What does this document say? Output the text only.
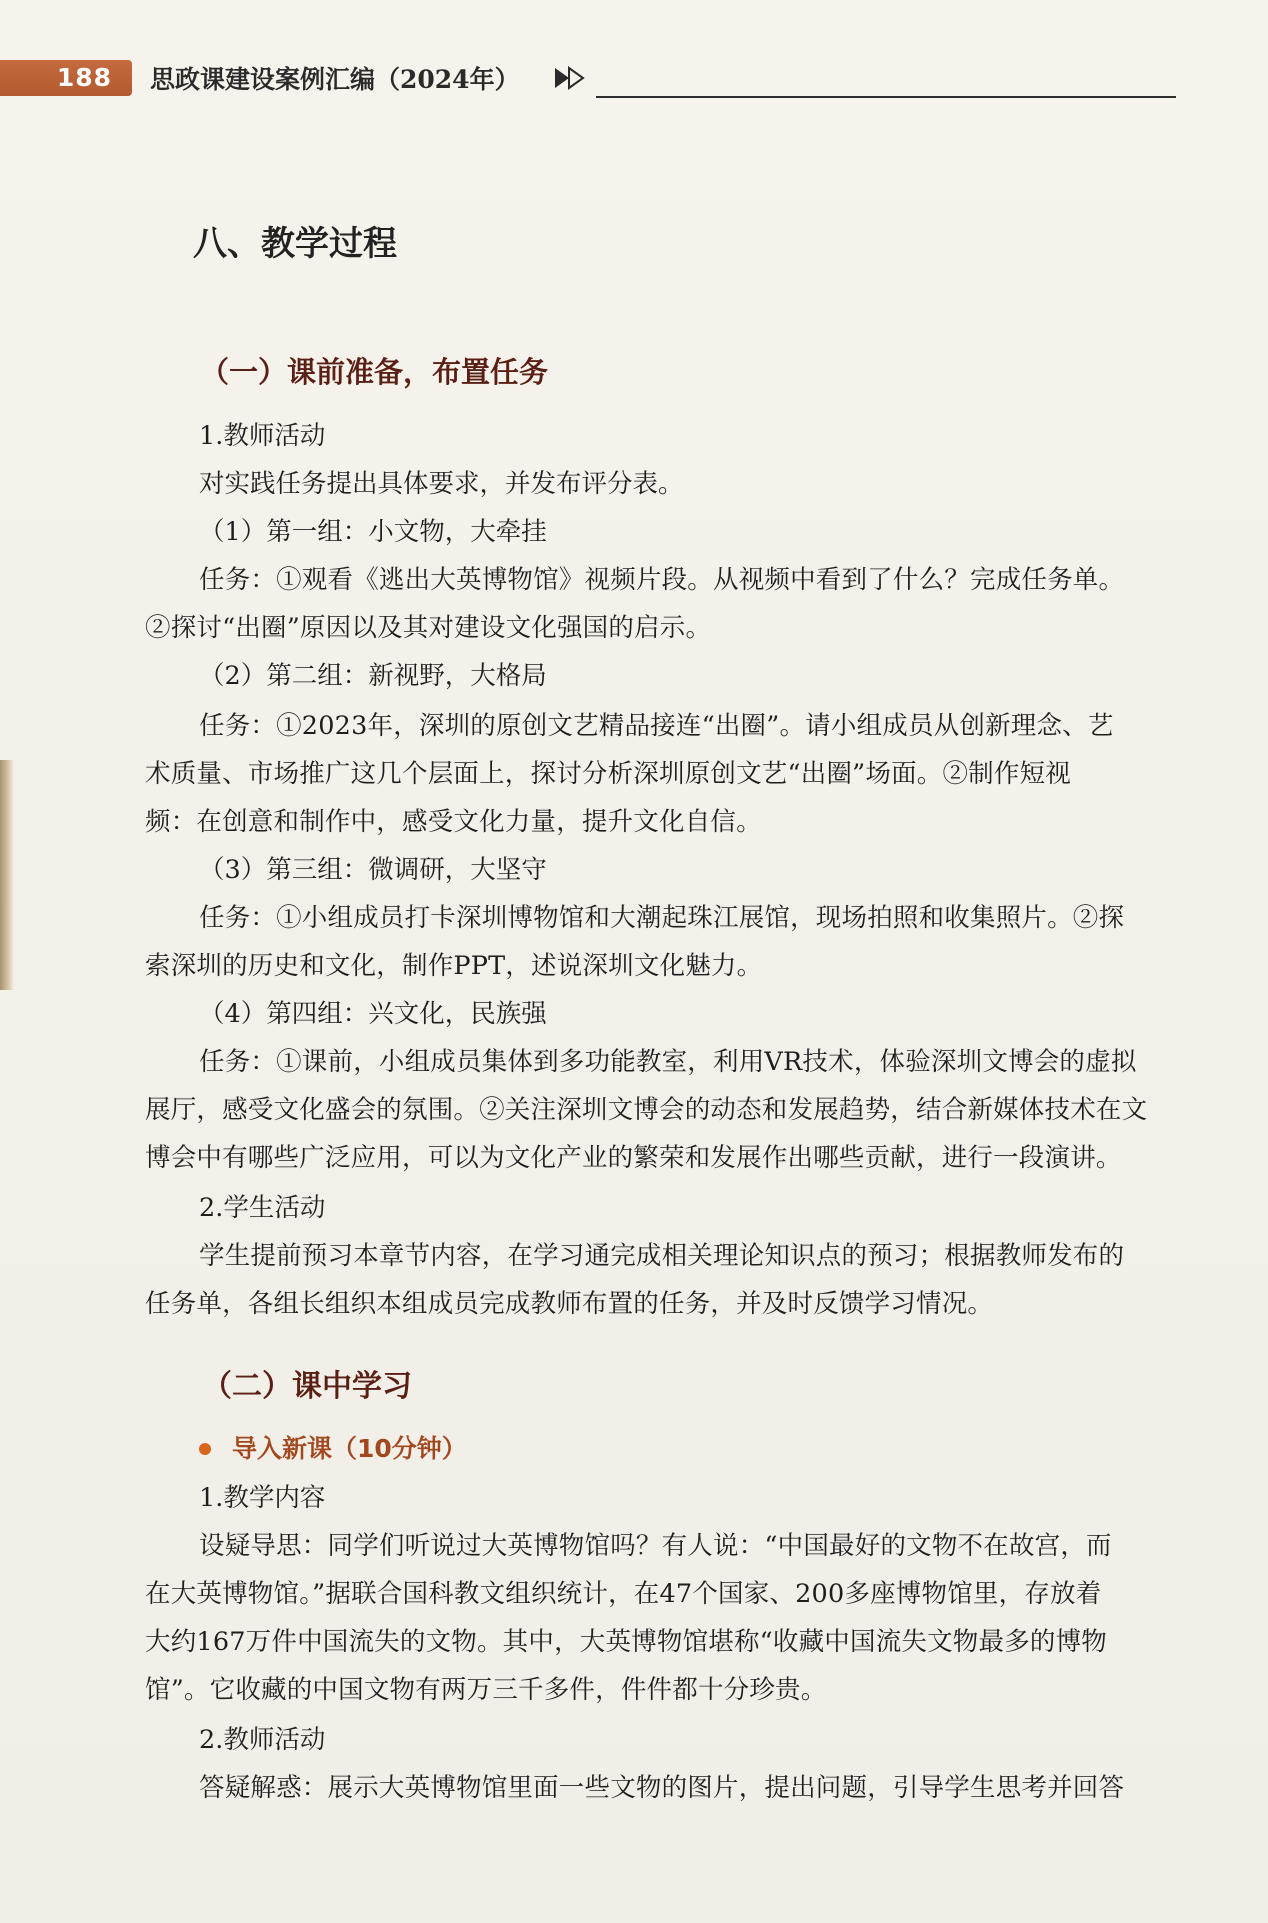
188 思政课建设案例汇编（2024年）
八、教学过程
（一）课前准备，布置任务
1.教师活动
对实践任务提出具体要求，并发布评分表。
（1）第一组：小文物，大牵挂
任务：①观看《逃出大英博物馆》视频片段。从视频中看到了什么？完成任务单。
②探讨“出圈”原因以及其对建设文化强国的启示。
（2）第二组：新视野，大格局
任务：①2023年，深圳的原创文艺精品接连“出圈”。请小组成员从创新理念、艺
术质量、市场推广这几个层面上，探讨分析深圳原创文艺“出圈”场面。②制作短视
频：在创意和制作中，感受文化力量，提升文化自信。
（3）第三组：微调研，大坚守
任务：①小组成员打卡深圳博物馆和大潮起珠江展馆，现场拍照和收集照片。②探
索深圳的历史和文化，制作PPT，述说深圳文化魅力。
（4）第四组：兴文化，民族强
任务：①课前，小组成员集体到多功能教室，利用VR技术，体验深圳文博会的虚拟
展厅，感受文化盛会的氛围。②关注深圳文博会的动态和发展趋势，结合新媒体技术在文
博会中有哪些广泛应用，可以为文化产业的繁荣和发展作出哪些贡献，进行一段演讲。
2.学生活动
学生提前预习本章节内容，在学习通完成相关理论知识点的预习；根据教师发布的
任务单，各组长组织本组成员完成教师布置的任务，并及时反馈学习情况。
（二）课中学习
导入新课（10分钟）
1.教学内容
设疑导思：同学们听说过大英博物馆吗？有人说：“中国最好的文物不在故宫，而
在大英博物馆。”据联合国科教文组织统计，在47个国家、200多座博物馆里，存放着
大约167万件中国流失的文物。其中，大英博物馆堪称“收藏中国流失文物最多的博物
馆”。它收藏的中国文物有两万三千多件，件件都十分珍贵。
2.教师活动
答疑解惑：展示大英博物馆里面一些文物的图片，提出问题，引导学生思考并回答
